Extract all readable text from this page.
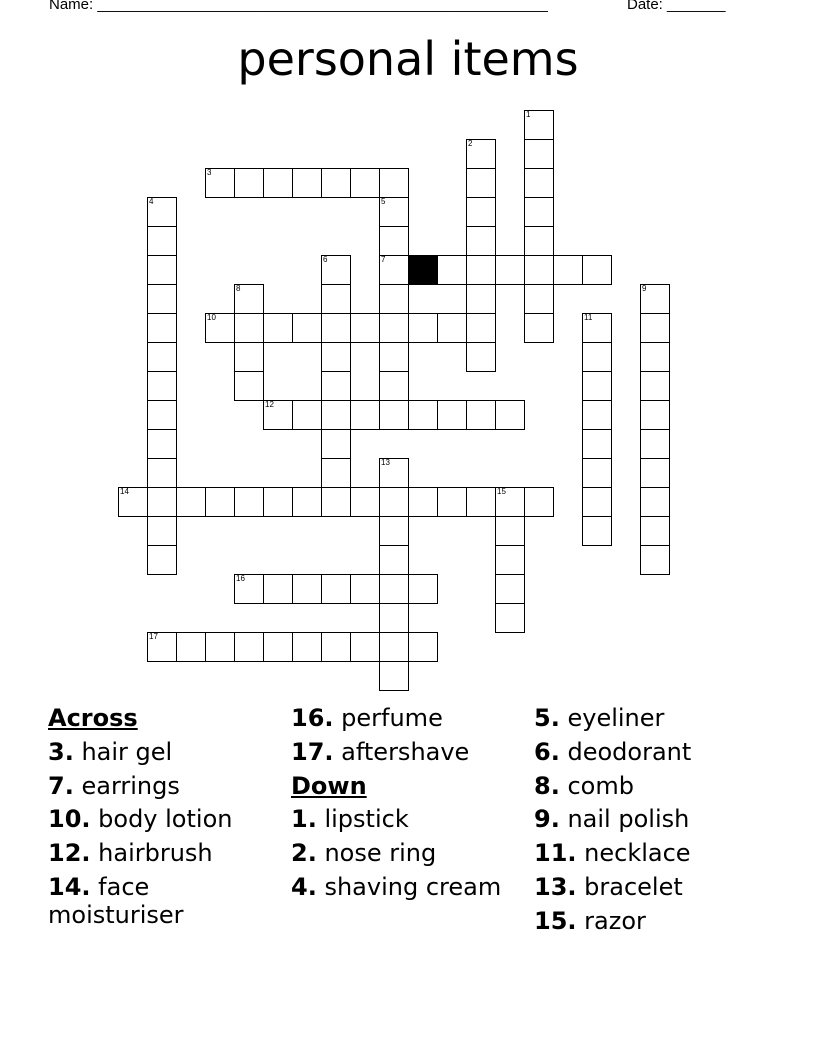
Name: ______________________________________________________	Date: _______
personal items
1
2
3
4	5
7
6
8	9
10	11
12
13
14	15
16
17
Across
3. hair gel
7. earrings
10. body lotion
12. hairbrush
14. face moisturiser
16. perfume
17. aftershave
Down
1. lipstick
2. nose ring
4. shaving cream
5. eyeliner
6. deodorant
8. comb
9. nail polish
11. necklace
13. bracelet
15. razor
